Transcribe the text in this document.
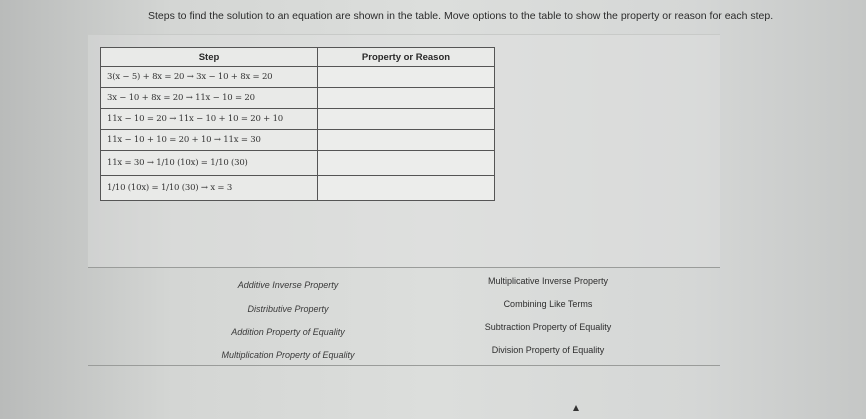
Steps to find the solution to an equation are shown in the table. Move options to the table to show the property or reason for each step.
Step	Property or Reason
3(x − 5) + 8x = 20 → 3x − 10 + 8x = 20	
3x − 10 + 8x = 20 → 11x − 10 = 20	
11x − 10 = 20 → 11x − 10 + 10 = 20 + 10	
11x − 10 + 10 = 20 + 10 → 11x = 30	
11x = 30 → 1/10 (10x) = 1/10 (30)	
1/10 (10x) = 1/10 (30) → x = 3	
Additive Inverse Property
Distributive Property
Addition Property of Equality
Multiplication Property of Equality
Multiplicative Inverse Property
Combining Like Terms
Subtraction Property of Equality
Division Property of Equality
